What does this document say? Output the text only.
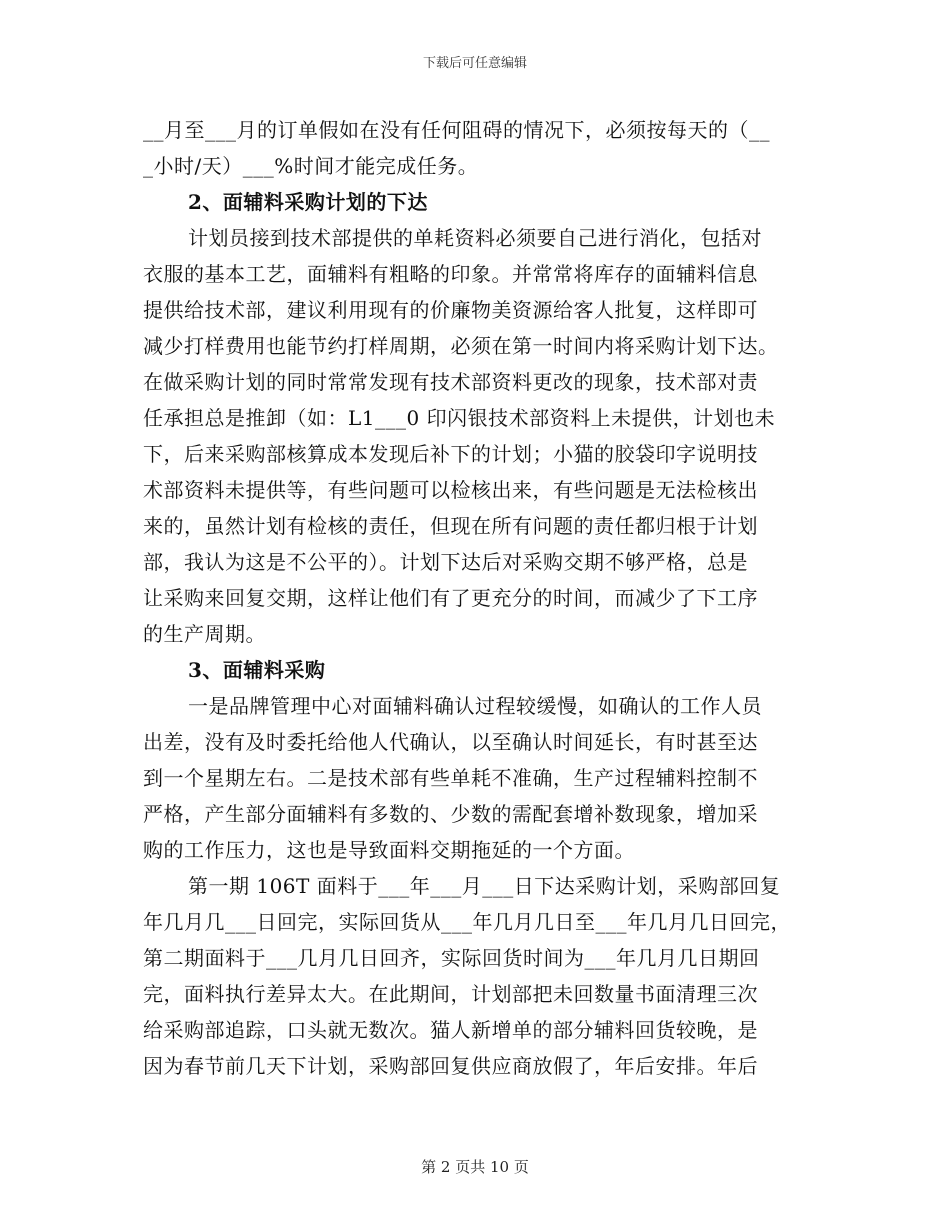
下载后可任意编辑
__月至___月的订单假如在没有任何阻碍的情况下，必须按每天的（__
_小时/天）___%时间才能完成任务。
2、面辅料采购计划的下达
计划员接到技术部提供的单耗资料必须要自己进行消化，包括对
衣服的基本工艺，面辅料有粗略的印象。并常常将库存的面辅料信息
提供给技术部，建议利用现有的价廉物美资源给客人批复，这样即可
减少打样费用也能节约打样周期，必须在第一时间内将采购计划下达。
在做采购计划的同时常常发现有技术部资料更改的现象，技术部对责
任承担总是推卸（如：L1___0 印闪银技术部资料上未提供，计划也未
下，后来采购部核算成本发现后补下的计划；小猫的胶袋印字说明技
术部资料未提供等，有些问题可以检核出来，有些问题是无法检核出
来的，虽然计划有检核的责任，但现在所有问题的责任都归根于计划
部，我认为这是不公平的）。计划下达后对采购交期不够严格，总是
让采购来回复交期，这样让他们有了更充分的时间，而减少了下工序
的生产周期。
3、面辅料采购
一是品牌管理中心对面辅料确认过程较缓慢，如确认的工作人员
出差，没有及时委托给他人代确认，以至确认时间延长，有时甚至达
到一个星期左右。二是技术部有些单耗不准确，生产过程辅料控制不
严格，产生部分面辅料有多数的、少数的需配套增补数现象，增加采
购的工作压力，这也是导致面料交期拖延的一个方面。
第一期 106T 面料于___年___月___日下达采购计划，采购部回复
年几月几___日回完，实际回货从___年几月几日至___年几月几日回完，
第二期面料于___几月几日回齐，实际回货时间为___年几月几日期回
完，面料执行差异太大。在此期间，计划部把未回数量书面清理三次
给采购部追踪，口头就无数次。猫人新增单的部分辅料回货较晚，是
因为春节前几天下计划，采购部回复供应商放假了，年后安排。年后
第 2 页共 10 页
